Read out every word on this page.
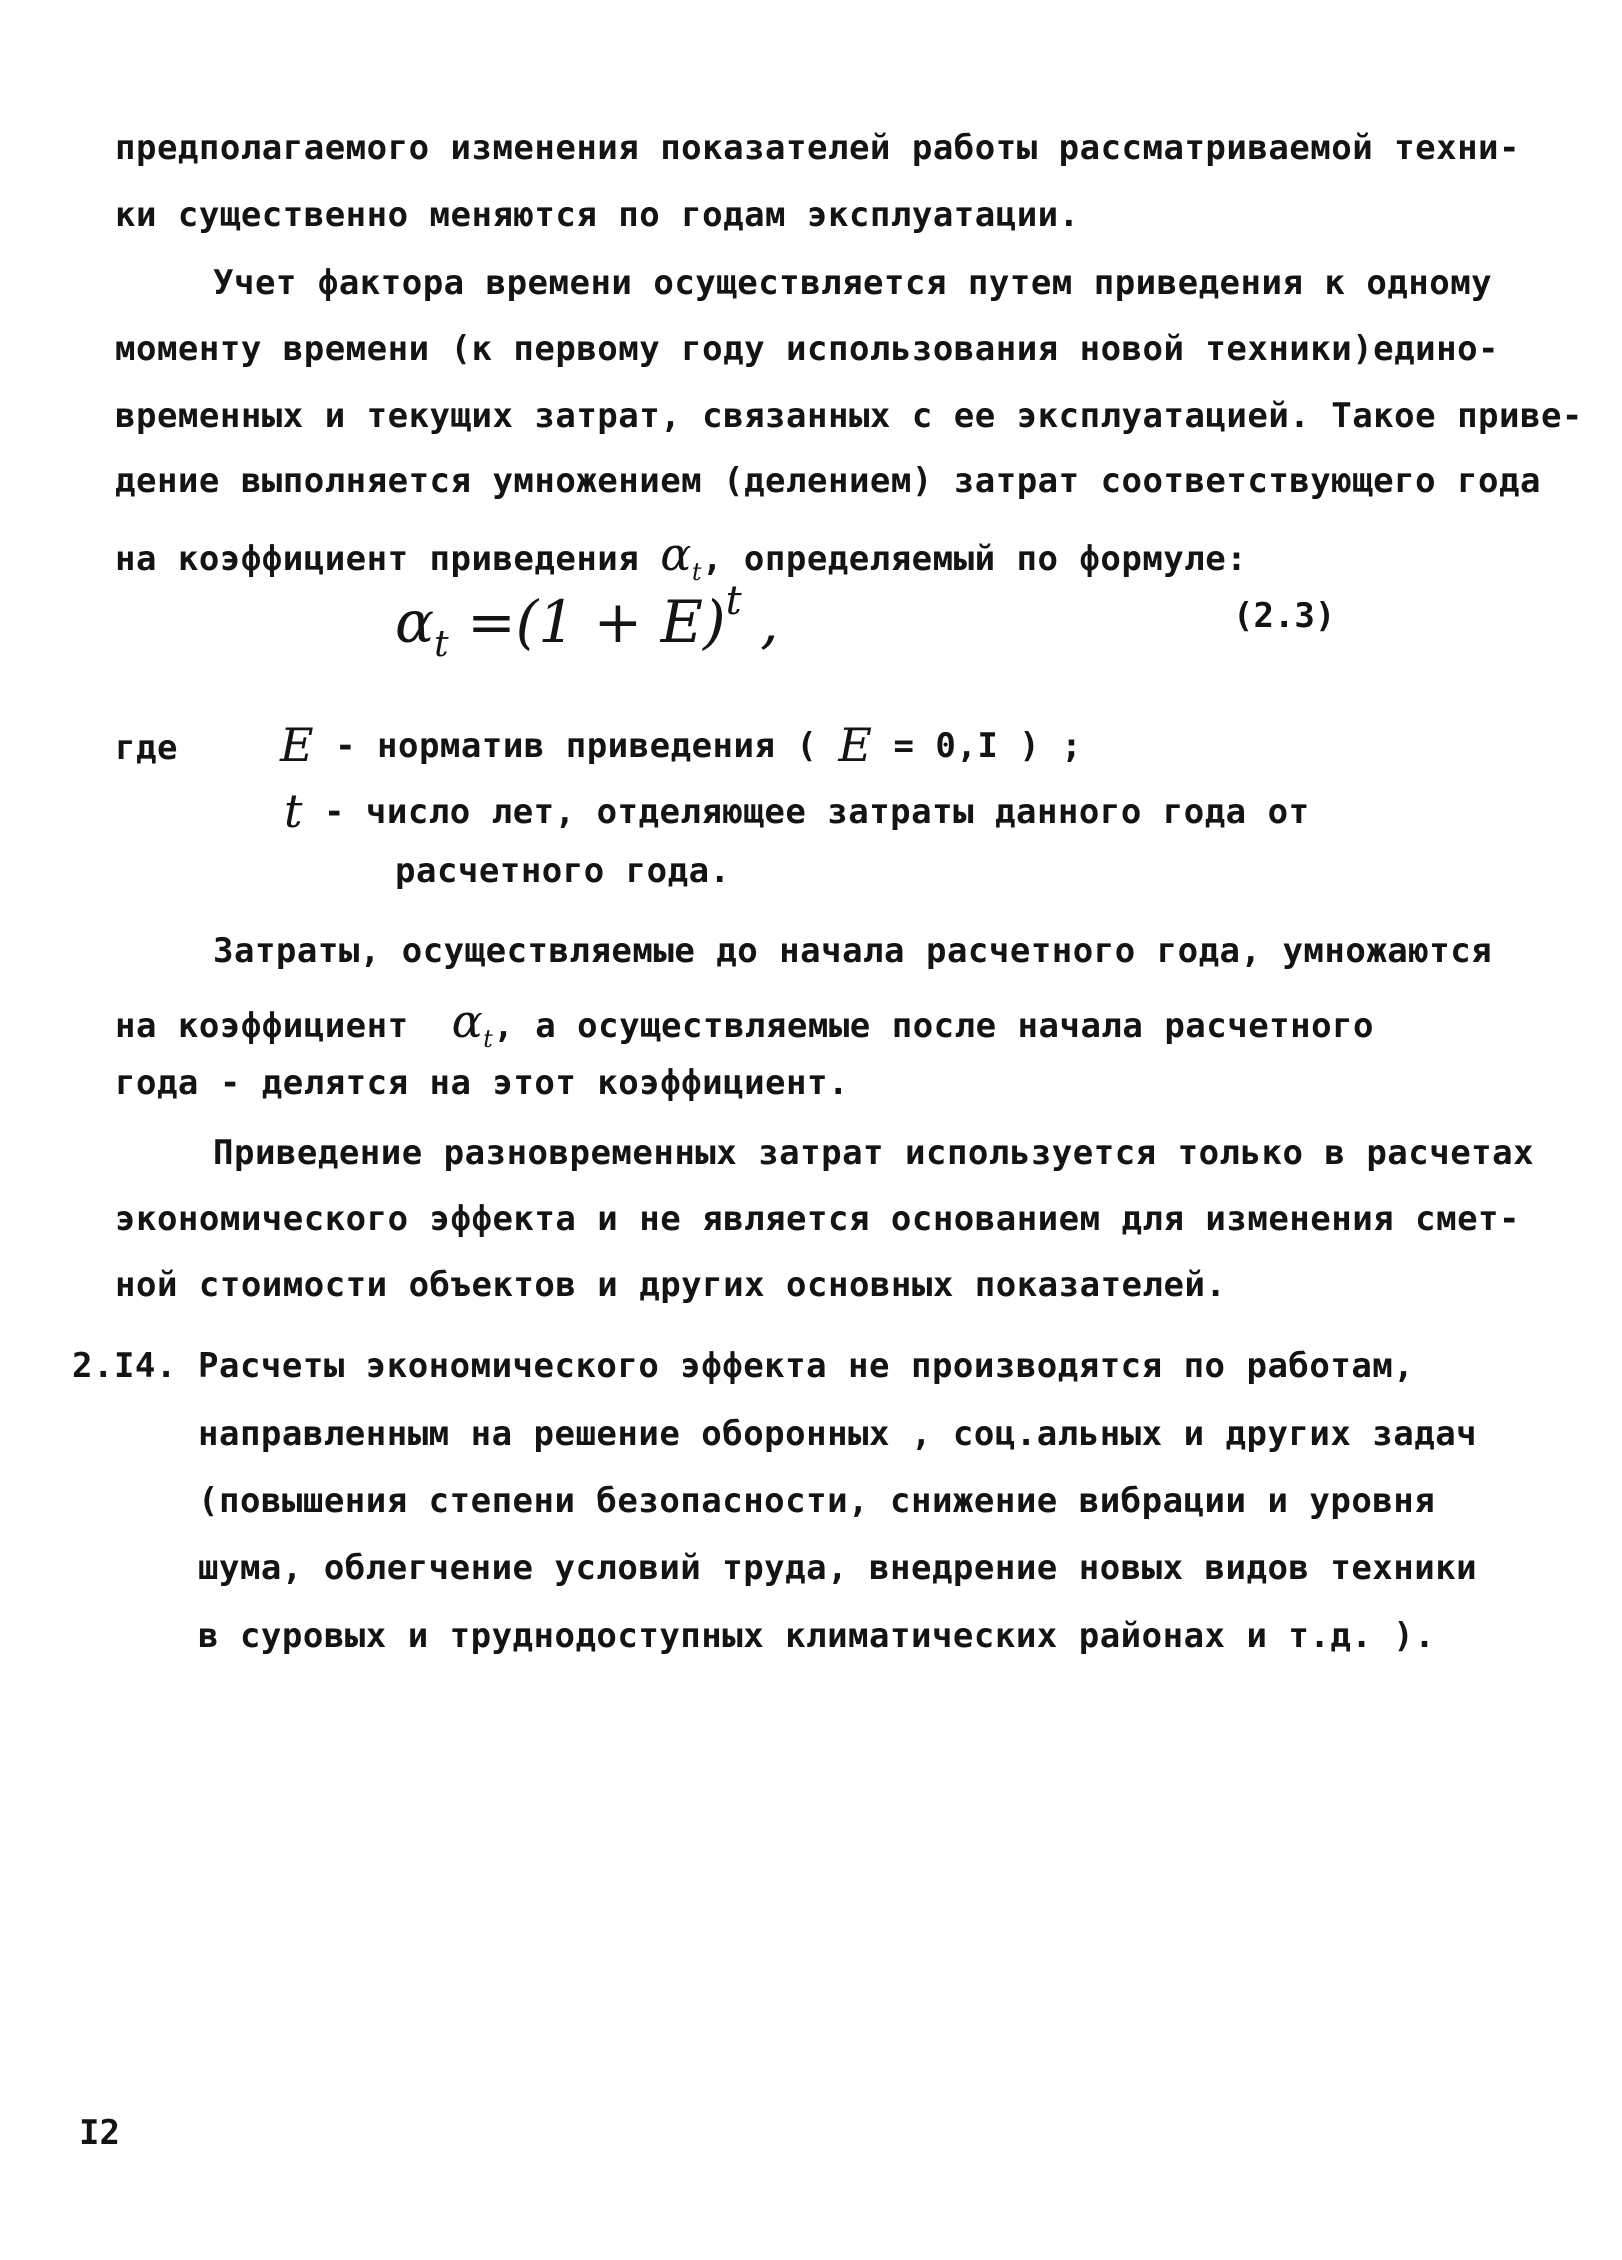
предполагаемого изменения показателей работы рассматриваемой техни-
ки существенно меняются по годам эксплуатации.
Учет фактора времени осуществляется путем приведения к одному
моменту времени (к первому году использования новой техники)едино-
временных и текущих затрат, связанных с ее эксплуатацией. Такое приве-
дение выполняется умножением (делением) затрат соответствующего года
на коэффициент приведения $\alpha_t$, определяемый по формуле:
$\alpha_t =(1 + E)^t$ ,	(2.3)
где E - норматив приведения ( E = 0,I ) ;
t - число лет, отделяющее затраты данного года от
расчетного года.
Затраты, осуществляемые до начала расчетного года, умножаются
на коэффициент $\alpha_t$, а осуществляемые после начала расчетного
года - делятся на этот коэффициент.
Приведение разновременных затрат используется только в расчетах
экономического эффекта и не является основанием для изменения смет-
ной стоимости объектов и других основных показателей.
2.I4. Расчеты экономического эффекта не производятся по работам,
направленным на решение оборонных , соц.альных и других задач
(повышения степени безопасности, снижение вибрации и уровня
шума, облегчение условий труда, внедрение новых видов техники
в суровых и труднодоступных климатических районах и т.д. ).
I2
